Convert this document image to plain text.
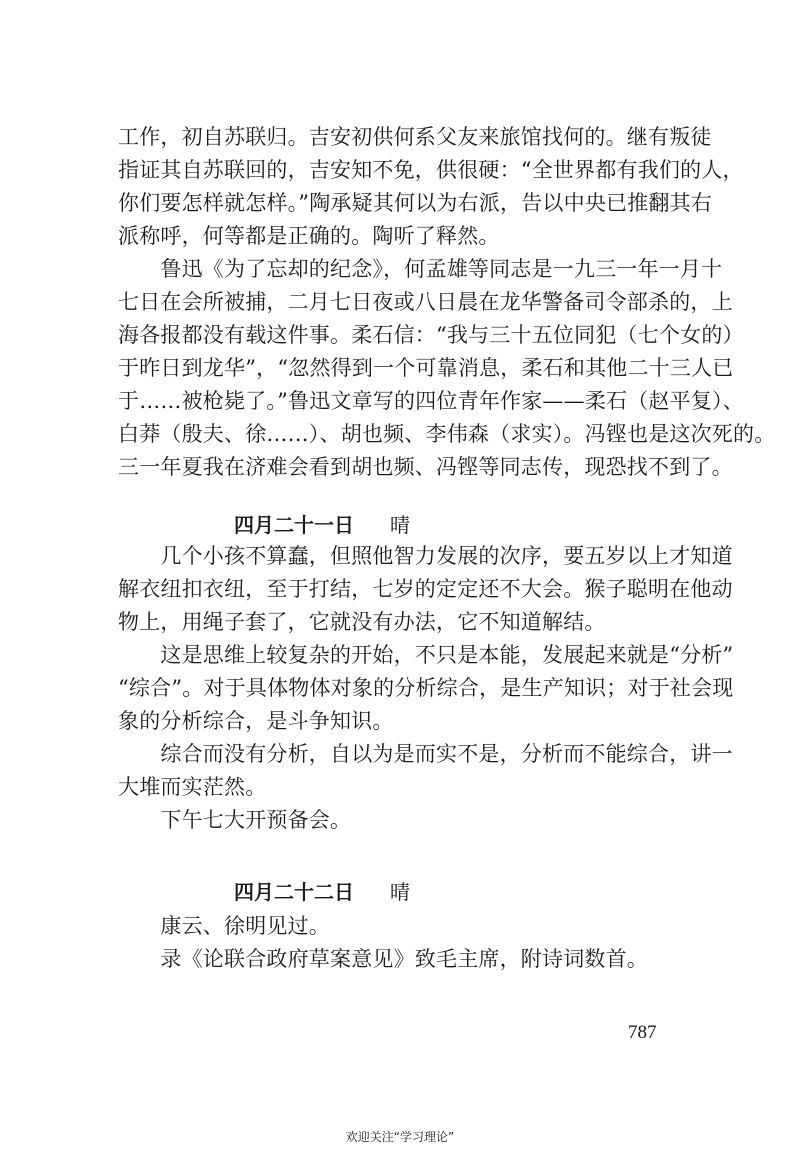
工作，初自苏联归。吉安初供何系父友来旅馆找何的。继有叛徒

指证其自苏联回的，吉安知不免，供很硬：“全世界都有我们的人，

你们要怎样就怎样。”陶承疑其何以为右派，告以中央已推翻其右

派称呼，何等都是正确的。陶听了释然。

　　鲁迅《为了忘却的纪念》，何孟雄等同志是一九三一年一月十

七日在会所被捕，二月七日夜或八日晨在龙华警备司令部杀的，上

海各报都没有载这件事。柔石信：“我与三十五位同犯（七个女的）

于昨日到龙华”，“忽然得到一个可靠消息，柔石和其他二十三人已

于……被枪毙了。”鲁迅文章写的四位青年作家——柔石（赵平复）、

白莽（殷夫、徐……）、胡也频、李伟森（求实）。冯铿也是这次死的。

三一年夏我在济难会看到胡也频、冯铿等同志传，现恐找不到了。

四月二十一日 晴

　　几个小孩不算蠢，但照他智力发展的次序，要五岁以上才知道

解衣纽扣衣纽，至于打结，七岁的定定还不大会。猴子聪明在他动

物上，用绳子套了，它就没有办法，它不知道解结。

　　这是思维上较复杂的开始，不只是本能，发展起来就是“分析”

“综合”。对于具体物体对象的分析综合，是生产知识；对于社会现

象的分析综合，是斗争知识。

　　综合而没有分析，自以为是而实不是，分析而不能综合，讲一

大堆而实茫然。

　　下午七大开预备会。

四月二十二日 晴

　　康云、徐明见过。

　　录《论联合政府草案意见》致毛主席，附诗词数首。

787
欢迎关注“学习理论”
